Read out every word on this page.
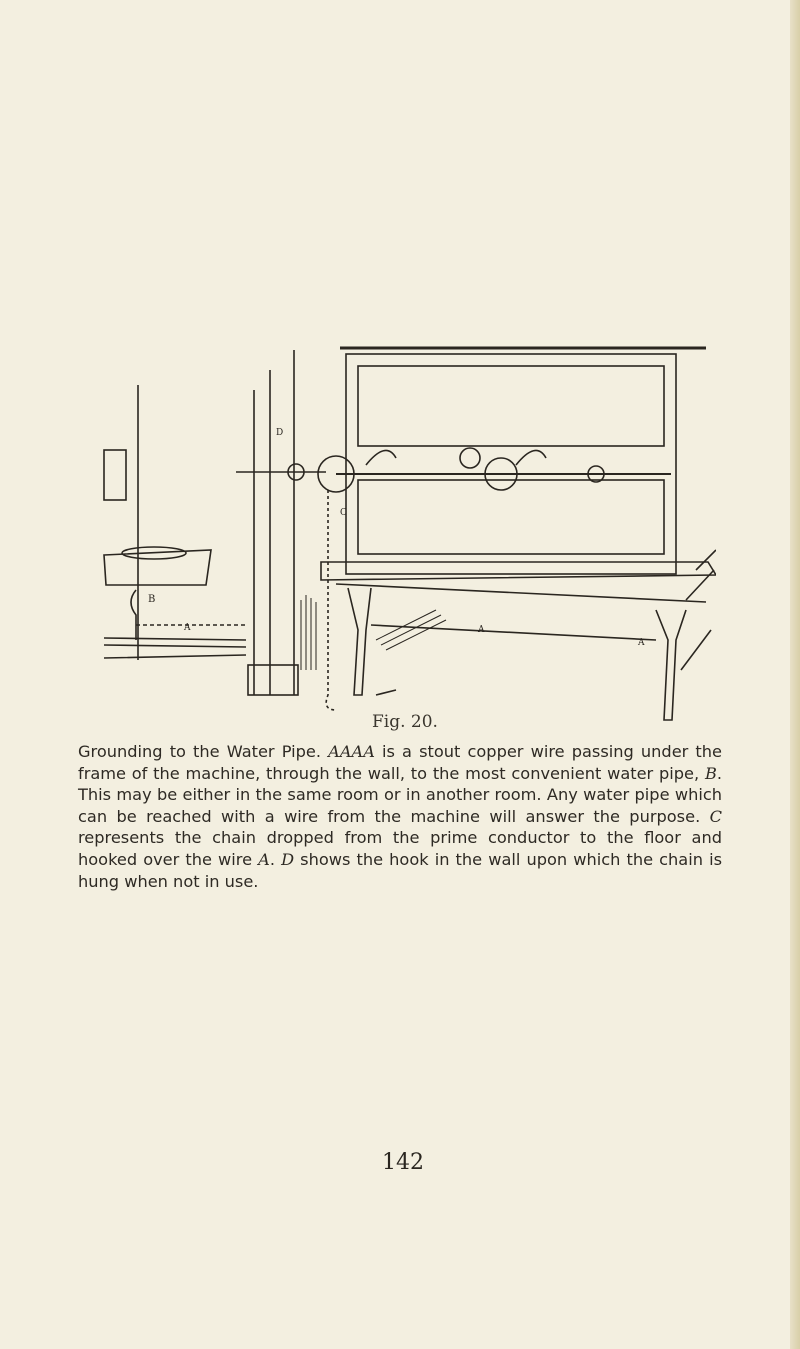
B
A
D
C
A
A
Fig. 20.
Grounding to the Water Pipe. AAAA is a stout copper wire passing under the frame of the machine, through the wall, to the most convenient water pipe, B. This may be either in the same room or in another room. Any water pipe which can be reached with a wire from the machine will answer the purpose. C represents the chain dropped from the prime conductor to the floor and hooked over the wire A. D shows the hook in the wall upon which the chain is hung when not in use.
142
